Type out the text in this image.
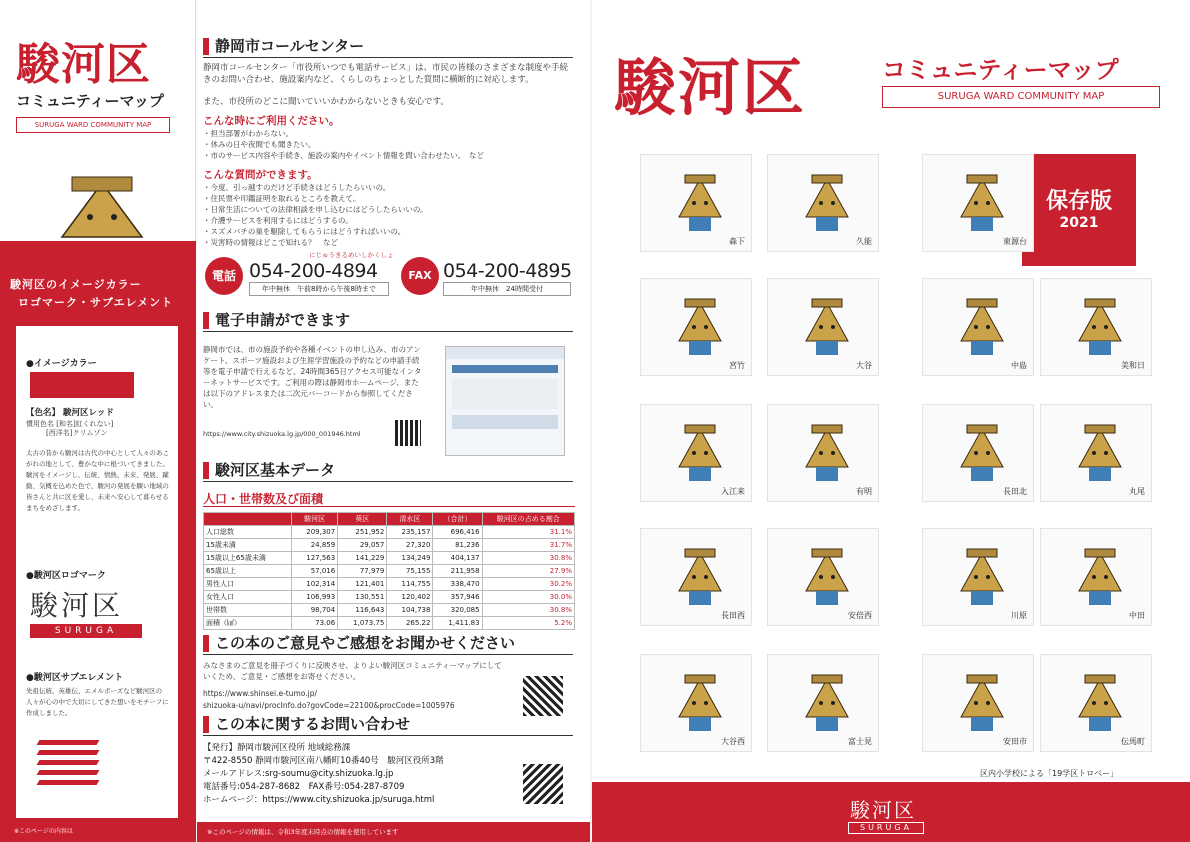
駿河区
コミュニティーマップ
SURUGA WARD COMMUNITY MAP
駿河区のイメージカラー
ロゴマーク・サブエレメント
●イメージカラー
【色名】 駿河区レッド
慣用色名 [和名]紅くれない]
[西洋名]クリムゾン
太古の昔から駿河は古代の中心として人々のあこがれの地として、豊かな中に根づいてきました。駿河をイメージし、伝統、情熱、未来、発展、躍動、気概を込めた色で、駿河の発展を願い地域の皆さんと共に区を愛し、未来へ安心して暮らせるまちをめざします。
●駿河区ロゴマーク
駿河区
SURUGA
●駿河区サブエレメント
先祖伝統、英雄伝、エメルボーズなど駿河区の人々が心の中で大切にしてきた想いをモチーフに作成しました。
※このページの内容は
静岡市コールセンター
静岡市コールセンター「市役所いつでも電話サービス」は、市民の皆様のさまざまな制度や手続きのお問い合わせ、施設案内など、くらしのちょっとした質問に横断的に対応します。
また、市役所のどこに聞いていいかわからないときも安心です。
こんな時にご利用ください。
・担当部署がわからない。
・休みの日や夜間でも聞きたい。
・市のサービス内容や手続き、施設の案内やイベント情報を問い合わせたい。　など
こんな質問ができます。
・今度、引っ越すのだけど手続きはどうしたらいいの。
・住民票や印鑑証明を取れるところを教えて。
・日常生活についての法律相談を申し込むにはどうしたらいいの。
・介護サービスを利用するにはどうするの。
・スズメバチの巣を駆除してもらうにはどうすればいいの。
・災害時の情報はどこで知れる？　など
電話
にじゅうきるめいしかくしょ
054-200-4894
年中無休　午前8時から午後8時まで
FAX 054-200-4895
年中無休　24時間受付
電子申請ができます
静岡市では、市の施設予約や各種イベントの申し込み、市のアンケート、スポーツ施設および生涯学習施設の予約などの申請手続等を電子申請で行えるなど、24時間365日アクセス可能なインターネットサービスです。ご利用の際は静岡市ホームページ、または以下のアドレスまたは二次元バーコードから参照してください。
https://www.city.shizuoka.lg.jp/000_001946.html
駿河区基本データ
人口・世帯数及び面積
	駿河区	葵区	清水区	（合計）	駿河区の占める割合
人口総数	209,307	251,952	235,157	696,416	31.1%
15歳未満	24,859	29,057	27,320	81,236	31.7%
15歳以上65歳未満	127,563	141,229	134,249	404,137	30.8%
65歳以上	57,016	77,979	75,155	211,958	27.9%
男性人口	102,314	121,401	114,755	338,470	30.2%
女性人口	106,993	130,551	120,402	357,946	30.0%
世帯数	98,704	116,643	104,738	320,085	30.8%
面積（㎢）	73.06	1,073.75	265.22	1,411.83	5.2%
この本のご意見やご感想をお聞かせください
みなさまのご意見を冊子づくりに反映させ、よりよい駿河区コミュニティーマップにしていくため、ご意見・ご感想をお寄せください。
https://www.shinsei.e-tumo.jp/
shizuoka-u/navi/procInfo.do?govCode=22100&procCode=1005976
この本に関するお問い合わせ
【発行】静岡市駿河区役所 地域総務課
〒422-8550 静岡市駿河区南八幡町10番40号　駿河区役所3階
メールアドレス:srg-soumu@city.shizuoka.lg.jp
電話番号:054-287-8682　FAX番号:054-287-8709
ホームページ：https://www.city.shizuoka.jp/suruga.html
※このページの情報は、令和3年度末時点の情報を使用しています
駿河区	コミュニティーマップ
SURUGA WARD COMMUNITY MAP
保存版
2021
森下	久能	東源台
宮竹	大谷	中島	美和日
入江来	有明	長田北	丸尾
長田西	安倍西	川原	中田
大谷西	富士見	安田市	伝馬町
区内小学校による「19学区トロベー」
駿河区
SURUGA
